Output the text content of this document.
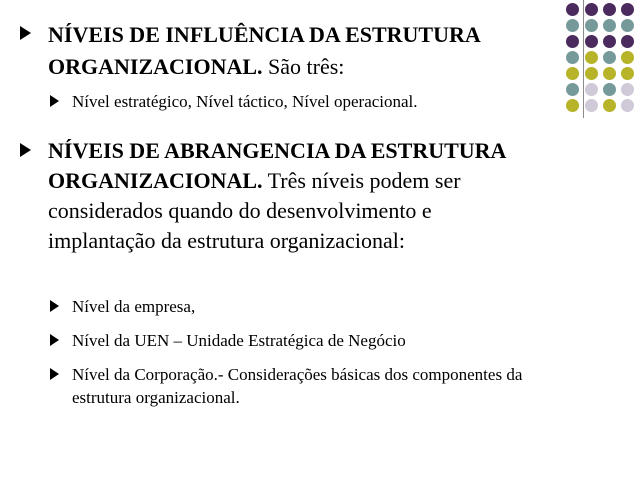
NÍVEIS DE INFLUÊNCIA DA ESTRUTURA ORGANIZACIONAL. São três:
Nível estratégico, Nível táctico, Nível operacional.
NÍVEIS DE ABRANGENCIA DA ESTRUTURA ORGANIZACIONAL. Três níveis podem ser considerados quando do desenvolvimento e implantação da estrutura organizacional:
Nível da empresa,
Nível da UEN – Unidade Estratégica de Negócio
Nível da Corporação.- Considerações básicas dos componentes da estrutura organizacional.
